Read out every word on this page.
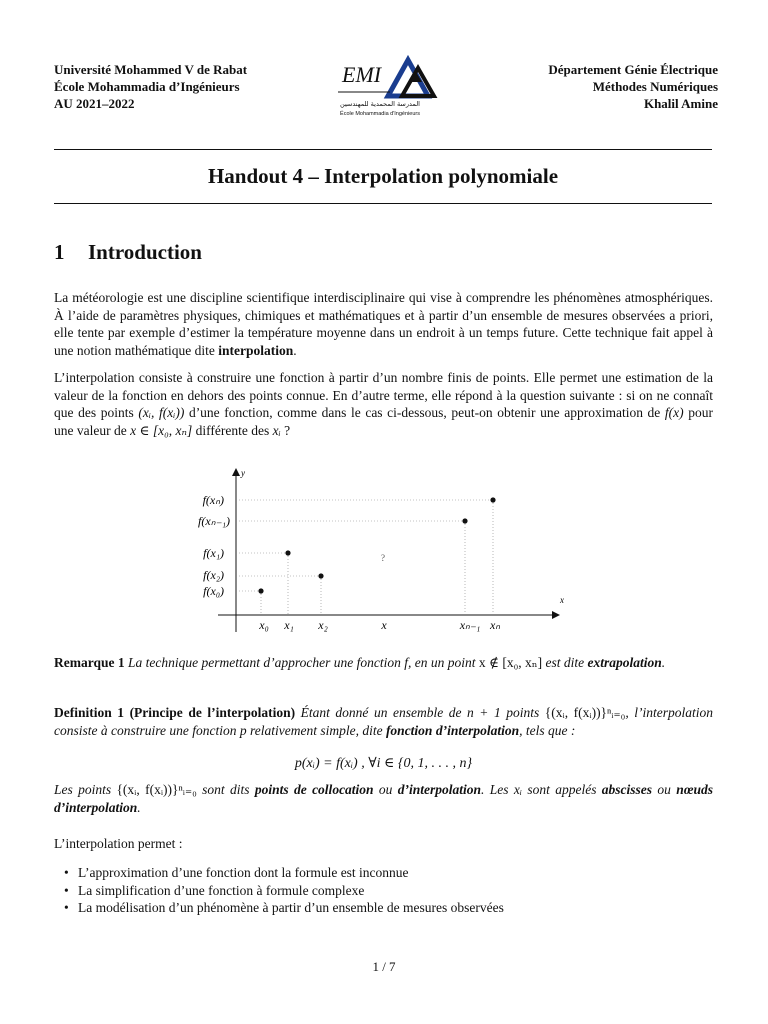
Université Mohammed V de Rabat
École Mohammadia d’Ingénieurs
AU 2021–2022
EMI
المدرسة المحمدية للمهندسين
École Mohammadia d'Ingénieurs
Département Génie Électrique
Méthodes Numériques
Khalil Amine
Handout 4 – Interpolation polynomiale
1 Introduction
La météorologie est une discipline scientifique interdisciplinaire qui vise à comprendre les phénomènes atmosphériques. À l’aide de paramètres physiques, chimiques et mathématiques et à partir d’un ensemble de mesures observées a priori, elle tente par exemple d’estimer la température moyenne dans un endroit à un temps future. Cette technique fait appel à une notion mathématique dite interpolation.
L’interpolation consiste à construire une fonction à partir d’un nombre finis de points. Elle permet une estimation de la valeur de la fonction en dehors des points connue. En d’autre terme, elle répond à la question suivante : si on ne connaît que des points (xᵢ, f(xᵢ)) d’une fonction, comme dans le cas ci-dessous, peut-on obtenir une approximation de f(x) pour une valeur de x ∈ [x₀, xₙ] différente des xᵢ ?
y
x
?
f(xₙ)
f(xₙ₋₁)
f(x₁)
f(x₂)
f(x₀)
x₀ x₁ x₂	x	xₙ₋₁ xₙ
Remarque 1 La technique permettant d’approcher une fonction f, en un point x ∉ [x₀, xₙ] est dite extrapolation.
Definition 1 (Principe de l’interpolation) Étant donné un ensemble de n + 1 points {(xᵢ, f(xᵢ))}ⁿᵢ₌₀, l’interpolation consiste à construire une fonction p relativement simple, dite fonction d’interpolation, tels que :
p(xᵢ) = f(xᵢ) , ∀i ∈ {0, 1, . . . , n}
Les points {(xᵢ, f(xᵢ))}ⁿᵢ₌₀ sont dits points de collocation ou d’interpolation. Les xᵢ sont appelés abscisses ou nœuds d’interpolation.
L’interpolation permet :
• L’approximation d’une fonction dont la formule est inconnue
• La simplification d’une fonction à formule complexe
• La modélisation d’un phénomène à partir d’un ensemble de mesures observées
1 / 7
